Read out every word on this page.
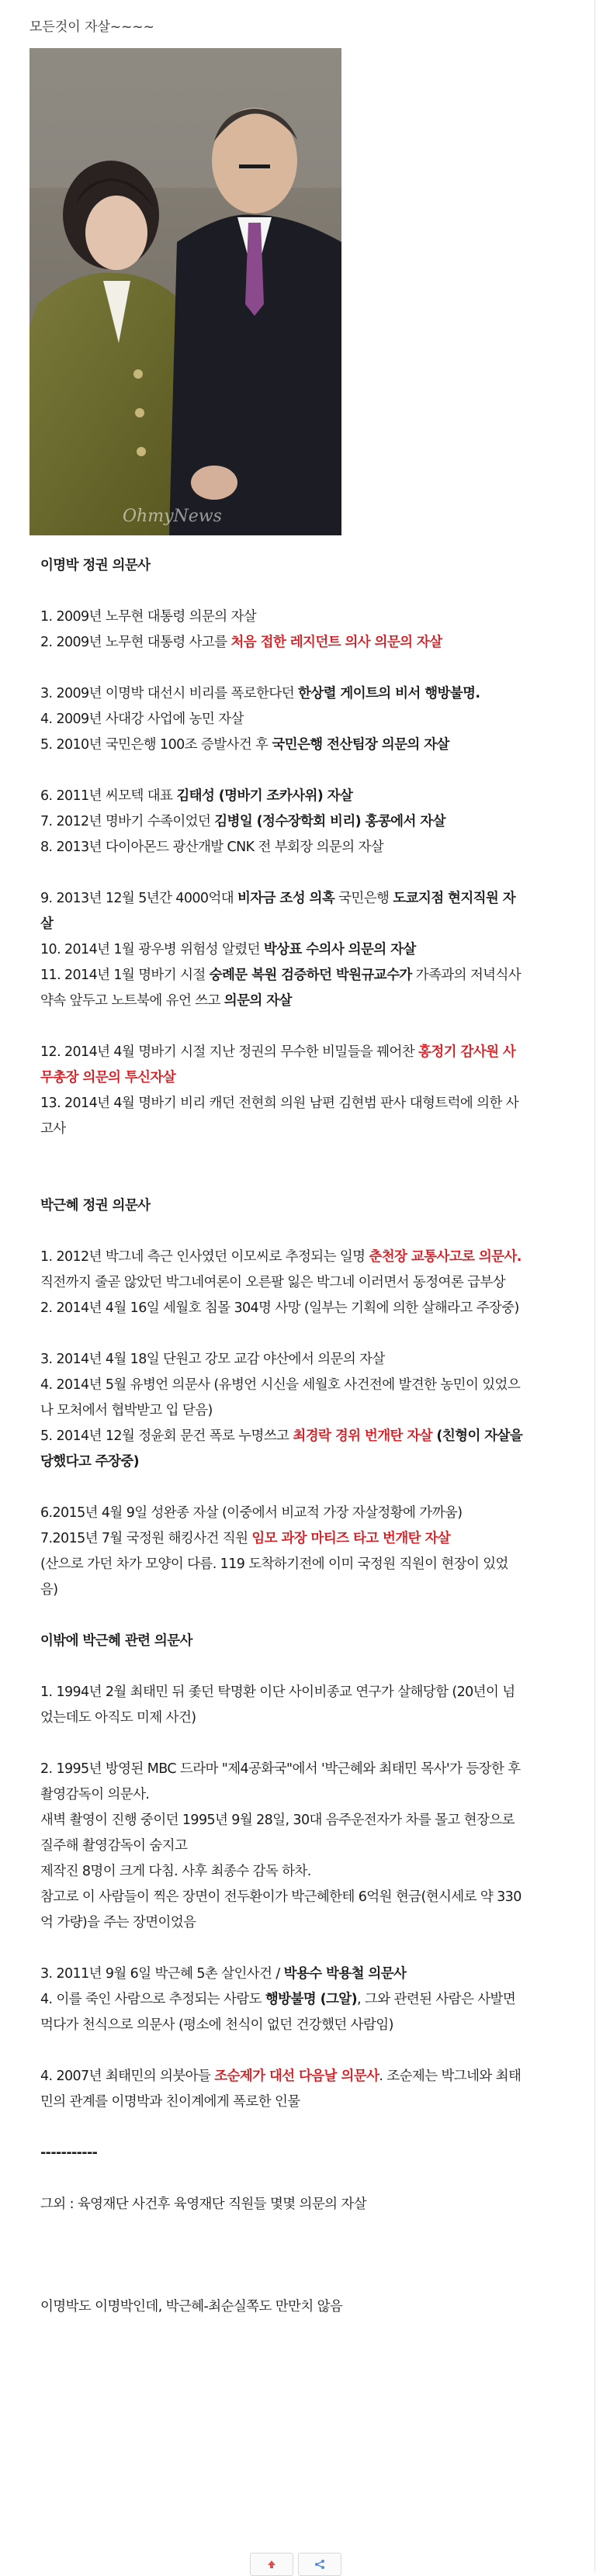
모든것이 자살~~~~
OhmyNews

이명박 정권 의문사

1. 2009년 노무현 대통령 의문의 자살

2. 2009년 노무현 대통령 사고를 처음 접한 레지던트 의사 의문의 자살

3. 2009년 이명박 대선시 비리를 폭로한다던 한상렬 게이트의 비서 행방불명.

4. 2009년 사대강 사업에 농민 자살

5. 2010년 국민은행 100조 증발사건 후 국민은행 전산팀장 의문의 자살

6. 2011년 씨모텍 대표 김태성 (명바기 조카사위) 자살

7. 2012년 명바기 수족이었던 김병일 (정수장학회 비리) 홍콩에서 자살

8. 2013년 다이아몬드 광산개발 CNK 전 부회장 의문의 자살

9. 2013년 12월 5년간 4000억대 비자금 조성 의혹 국민은행 도쿄지점 현지직원 자살

10. 2014년 1월 광우병 위험성 알렸던 박상표 수의사 의문의 자살

11. 2014년 1월 명바기 시절 숭례문 복원 검증하던 박원규교수가 가족과의 저녁식사 약속 앞두고 노트북에 유언 쓰고 의문의 자살

12. 2014년 4월 명바기 시절 지난 정권의 무수한 비밀들을 꿰어찬 홍정기 감사원 사무총장 의문의 투신자살

13. 2014년 4월 명바기 비리 캐던 전현희 의원 남편 김현범 판사 대형트럭에 의한 사고사

박근혜 정권 의문사

1. 2012년 박그네 측근 인사였던 이모씨로 추정되는 일명 춘천장 교통사고로 의문사.

직전까지 줄곧 않았던 박그네여론이 오른팔 잃은 박그네 이러면서 동정여론 급부상

2. 2014년 4월 16일 세월호 침몰 304명 사망 (일부는 기획에 의한 살해라고 주장중)

3. 2014년 4월 18일 단원고 강모 교감 야산에서 의문의 자살

4. 2014년 5월 유병언 의문사 (유병언 시신을 세월호 사건전에 발견한 농민이 있었으나 모처에서 협박받고 입 닫음)

5. 2014년 12월 정윤회 문건 폭로 누명쓰고 최경락 경위 번개탄 자살 (친형이 자살을 당했다고 주장중)

6.2015년 4월 9일 성완종 자살 (이중에서 비교적 가장 자살정황에 가까움)

7.2015년 7월 국정원 해킹사건 직원 임모 과장 마티즈 타고 번개탄 자살

(산으로 가던 차가 모양이 다름. 119 도착하기전에 이미 국정원 직원이 현장이 있었음)

이밖에 박근혜 관련 의문사

1. 1994년 2월 최태민 뒤 좇던 탁명환 이단 사이비종교 연구가 살해당함 (20년이 넘었는데도 아직도 미제 사건)

2. 1995년 방영된 MBC 드라마 "제4공화국"에서 '박근혜와 최태민 목사'가 등장한 후 촬영감독이 의문사.

새벽 촬영이 진행 중이던 1995년 9월 28일, 30대 음주운전자가 차를 몰고 현장으로 질주해 촬영감독이 숨지고

제작진 8명이 크게 다침. 사후 최종수 감독 하차.

참고로 이 사람들이 찍은 장면이 전두환이가 박근혜한테 6억원 현금(현시세로 약 330억 가량)을 주는 장면이었음

3. 2011년 9월 6일 박근혜 5촌 살인사건 / 박용수 박용철 의문사

4. 이를 죽인 사람으로 추정되는 사람도 행방불명 (그알), 그와 관련된 사람은 사발면 먹다가 천식으로 의문사 (평소에 천식이 없던 건강했던 사람임)

4. 2007년 최태민의 의붓아들 조순제가 대선 다음날 의문사. 조순제는 박그네와 최태민의 관계를 이명박과 친이계에게 폭로한 인물

-----------

그외 : 육영재단 사건후 육영재단 직원들 몇몇 의문의 자살

이명박도 이명박인데, 박근혜-최순실쪽도 만만치 않음
